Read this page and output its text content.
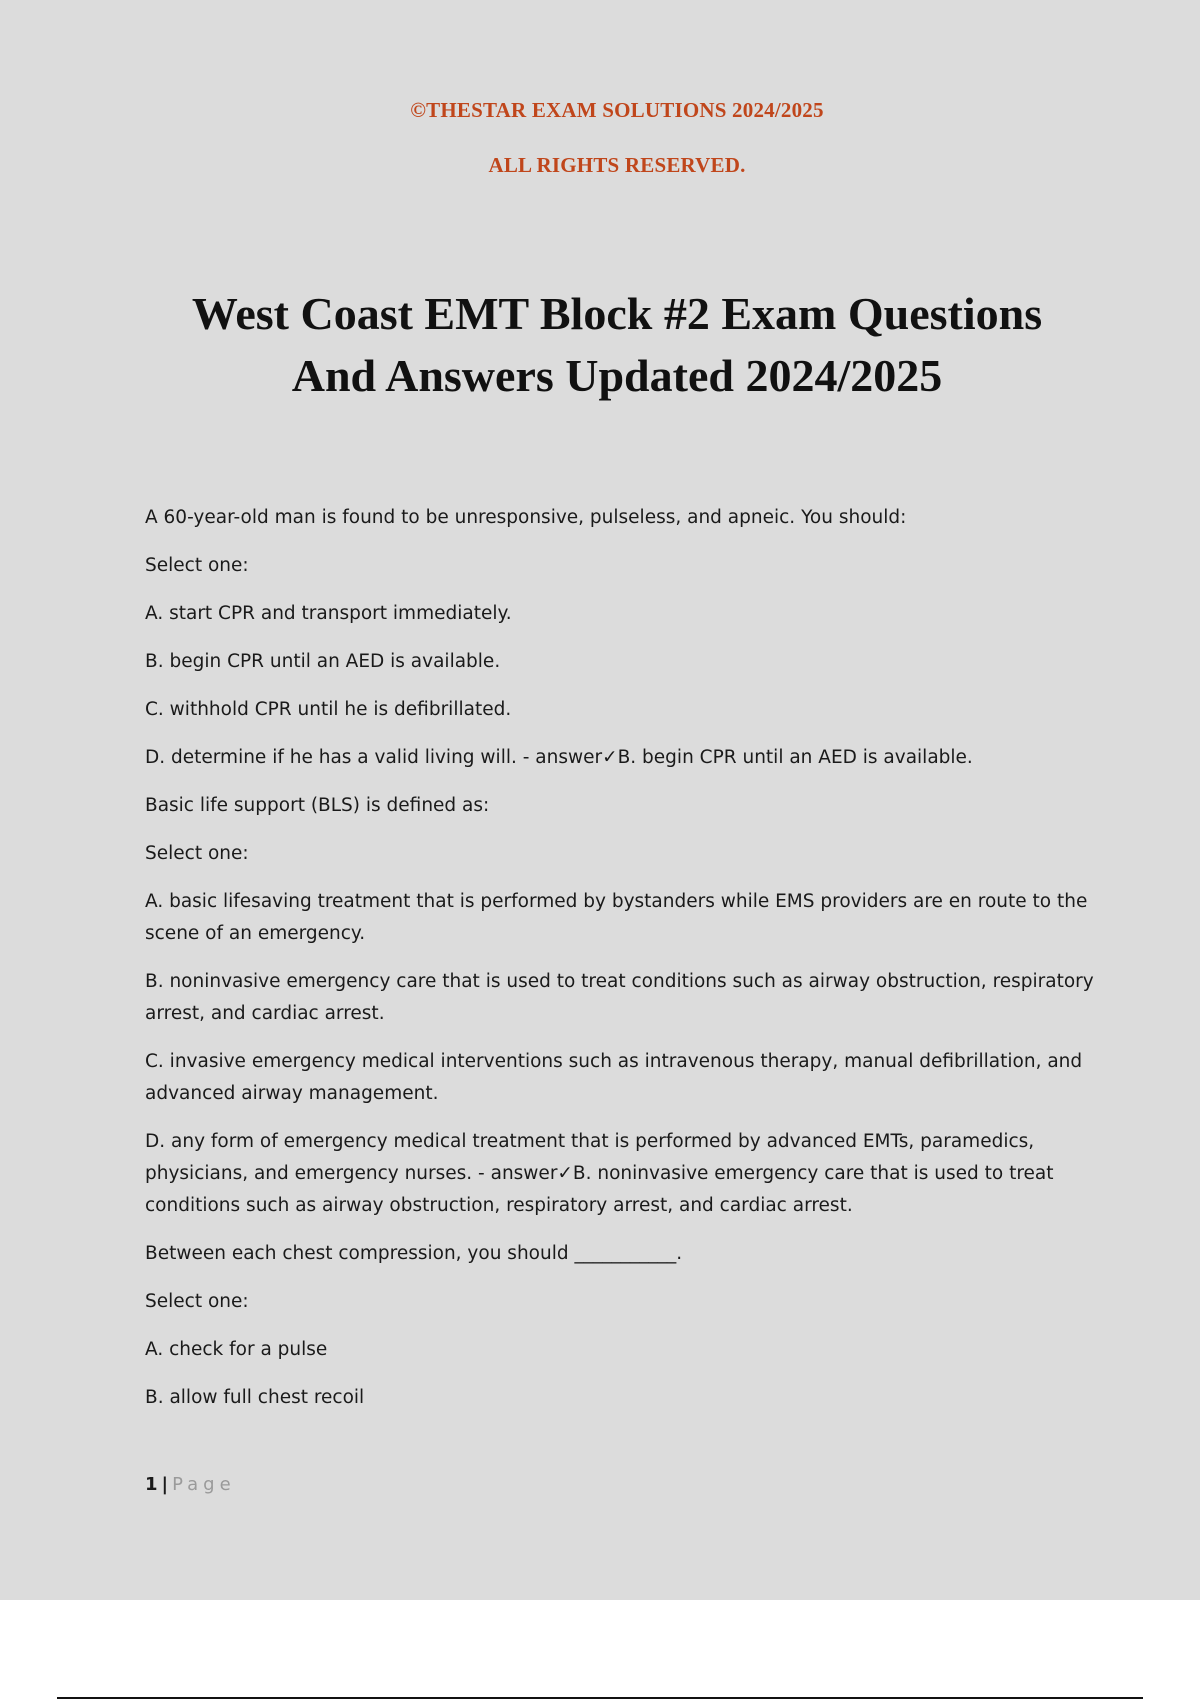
©THESTAR EXAM SOLUTIONS 2024/2025
ALL RIGHTS RESERVED.
West Coast EMT Block #2 Exam Questions
And Answers Updated 2024/2025

A 60-year-old man is found to be unresponsive, pulseless, and apneic. You should:

Select one:

A. start CPR and transport immediately.

B. begin CPR until an AED is available.

C. withhold CPR until he is defibrillated.

D. determine if he has a valid living will. - answer✓B. begin CPR until an AED is available.

Basic life support (BLS) is defined as:

Select one:

A. basic lifesaving treatment that is performed by bystanders while EMS providers are en route to the scene of an emergency.

B. noninvasive emergency care that is used to treat conditions such as airway obstruction, respiratory arrest, and cardiac arrest.

C. invasive emergency medical interventions such as intravenous therapy, manual defibrillation, and advanced airway management.

D. any form of emergency medical treatment that is performed by advanced EMTs, paramedics, physicians, and emergency nurses. - answer✓B. noninvasive emergency care that is used to treat conditions such as airway obstruction, respiratory arrest, and cardiac arrest.

Between each chest compression, you should ___________.

Select one:

A. check for a pulse

B. allow full chest recoil

1 | Page
